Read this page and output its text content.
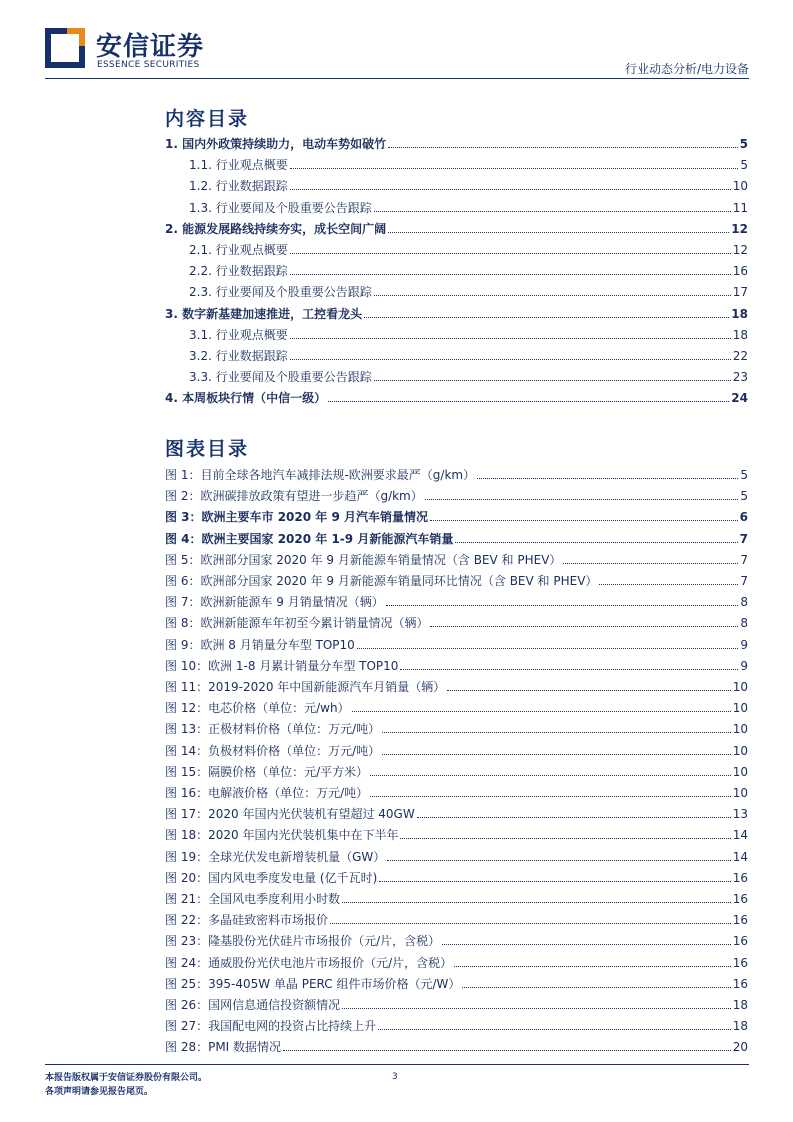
安信证券
ESSENCE SECURITIES	行业动态分析/电力设备
内容目录
1. 国内外政策持续助力，电动车势如破竹	5
1.1. 行业观点概要	5
1.2. 行业数据跟踪	10
1.3. 行业要闻及个股重要公告跟踪	11
2. 能源发展路线持续夯实，成长空间广阔	12
2.1. 行业观点概要	12
2.2. 行业数据跟踪	16
2.3. 行业要闻及个股重要公告跟踪	17
3. 数字新基建加速推进，工控看龙头	18
3.1. 行业观点概要	18
3.2. 行业数据跟踪	22
3.3. 行业要闻及个股重要公告跟踪	23
4. 本周板块行情（中信一级）	24
图表目录
图 1：目前全球各地汽车减排法规-欧洲要求最严（g/km）	5
图 2：欧洲碳排放政策有望进一步趋严（g/km）	5
图 3：欧洲主要车市 2020 年 9 月汽车销量情况	6
图 4：欧洲主要国家 2020 年 1-9 月新能源汽车销量	7
图 5：欧洲部分国家 2020 年 9 月新能源车销量情况（含 BEV 和 PHEV）	7
图 6：欧洲部分国家 2020 年 9 月新能源车销量同环比情况（含 BEV 和 PHEV）	7
图 7：欧洲新能源车 9 月销量情况（辆）	8
图 8：欧洲新能源车年初至今累计销量情况（辆）	8
图 9：欧洲 8 月销量分车型 TOP10	9
图 10：欧洲 1-8 月累计销量分车型 TOP10	9
图 11：2019-2020 年中国新能源汽车月销量（辆）	10
图 12：电芯价格（单位：元/wh）	10
图 13：正极材料价格（单位：万元/吨）	10
图 14：负极材料价格（单位：万元/吨）	10
图 15：隔膜价格（单位：元/平方米）	10
图 16：电解液价格（单位：万元/吨）	10
图 17：2020 年国内光伏装机有望超过 40GW	13
图 18：2020 年国内光伏装机集中在下半年	14
图 19：全球光伏发电新增装机量（GW）	14
图 20：国内风电季度发电量 (亿千瓦时)	16
图 21：全国风电季度利用小时数	16
图 22：多晶硅致密料市场报价	16
图 23：隆基股份光伏硅片市场报价（元/片，含税）	16
图 24：通威股份光伏电池片市场报价（元/片，含税）	16
图 25：395-405W 单晶 PERC 组件市场价格（元/W）	16
图 26：国网信息通信投资额情况	18
图 27：我国配电网的投资占比持续上升	18
图 28：PMI 数据情况	20
本报告版权属于安信证券股份有限公司。
各项声明请参见报告尾页。
3
